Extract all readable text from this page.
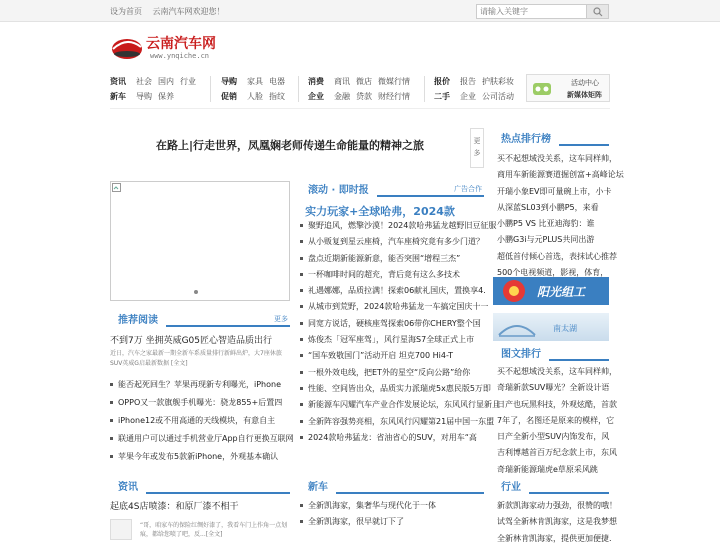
设为首页 云南汽车网欢迎您！
请输入关键字
云南汽车网
www.ynqiche.cn
资讯 社会 国内 行业
新车 导购 保养
导购 家具 电器
促销 人脸 指纹
消费 商讯 微店 微媒行情
企业 金融 贷款 财经行情
报价 报告 护肤彩妆
二手 企业 公司活动
活动中心
新媒体矩阵
在路上|行走世界，凤凰娴老师传递生命能量的精神之旅	更多
热点排行榜
买不起想域没关系，这车同样帅，
商用车新能源赛道掘创富+高峰论坛
开瑞小象EV即可量碗上市，小卡
从深蓝SL03到小鹏P5，来看
小鹏P5 VS 比亚迪海豹：谁
小鹏G3i与元PLUS共同出游
超低首付倾心首选，表抹试心推荐
500个电视频道，影视，体育，
阳光组工
南太湖
图文排行
买不起想域没关系，这车同样帅，
奇瑞新款SUV曝光？全新设计语
日产也玩黑科技，外观炫酷，首款
7年了，名图还是原来的模样，它
日产全新小型SUV内饰发布，风
吉利博越首百万纪念款上市，东风
奇瑞新能源瑞虎e草原采风跳
推荐阅读	更多
不到7万 坐拥英威G05匠心智造品质出行
近日，汽车之家最新一期全新车系质量排行新鲜出炉，大7座休旅SUV英威G启最新数据 [全文]
能否起死回生？苹果再现新专利曝光，iPhone
OPPO又一款旗舰手机曝光：骁龙855+后置四
iPhone12或不用高通的天线模块，有意自主
联通用户可以通过手机营业厅App自行更换互联网
苹果今年或发布5款新iPhone，外观基本确认
资讯
起底4S店喷漆：和原厂漆不相干
“哥，咱家车的保险红绸好漆了，我看车门上作角一点划痕，都给您喷了吧，反...[全文]
滚动 · 即时报	广告合作
实力玩家+全球哈弗，2024款
聚野追风，燃擎沙漠！2024款哈弗猛龙越野旧豆征服
从小贩复到星云座椅，汽车座椅究竟有多少门道？
盘点近期新能源新意，能否突围“增程三杰”
一杯咖啡时间的超充，背后竟有这么多技术
礼遇娜娜，品质拉满！探索06献礼国庆，置换享4.
从城市到荒野，2024款哈弗猛龙一车搞定国庆十一
同宽方说话，硬核座驾探索06带你CHERY整个国
炼俊杰「冠军座驾」，风行星海S7全球正式上市
“国车致敬国门”活动开启 坦克700 Hi4-T
一根外效电线，把ET外的星空“反向公路”给你
性能、空间皆出众，品质实力派瑞虎5x惠民版5万即
新能源车闪耀汽车产业合作发展论坛，东风风行显新且
全新阵容强势亮相，东风风行闪耀第21届中国一东盟
2024款哈弗猛龙：省油省心的SUV，对用车“高
新车
全新凯海家，集奢华与现代化于一体
全新凯海家，很早就订下了
行业
新款凯海家动力强劲，很赞的哦！
试驾全新林肯凯海家，这是我梦想
全新林肯凯海家，提供更加便捷.
